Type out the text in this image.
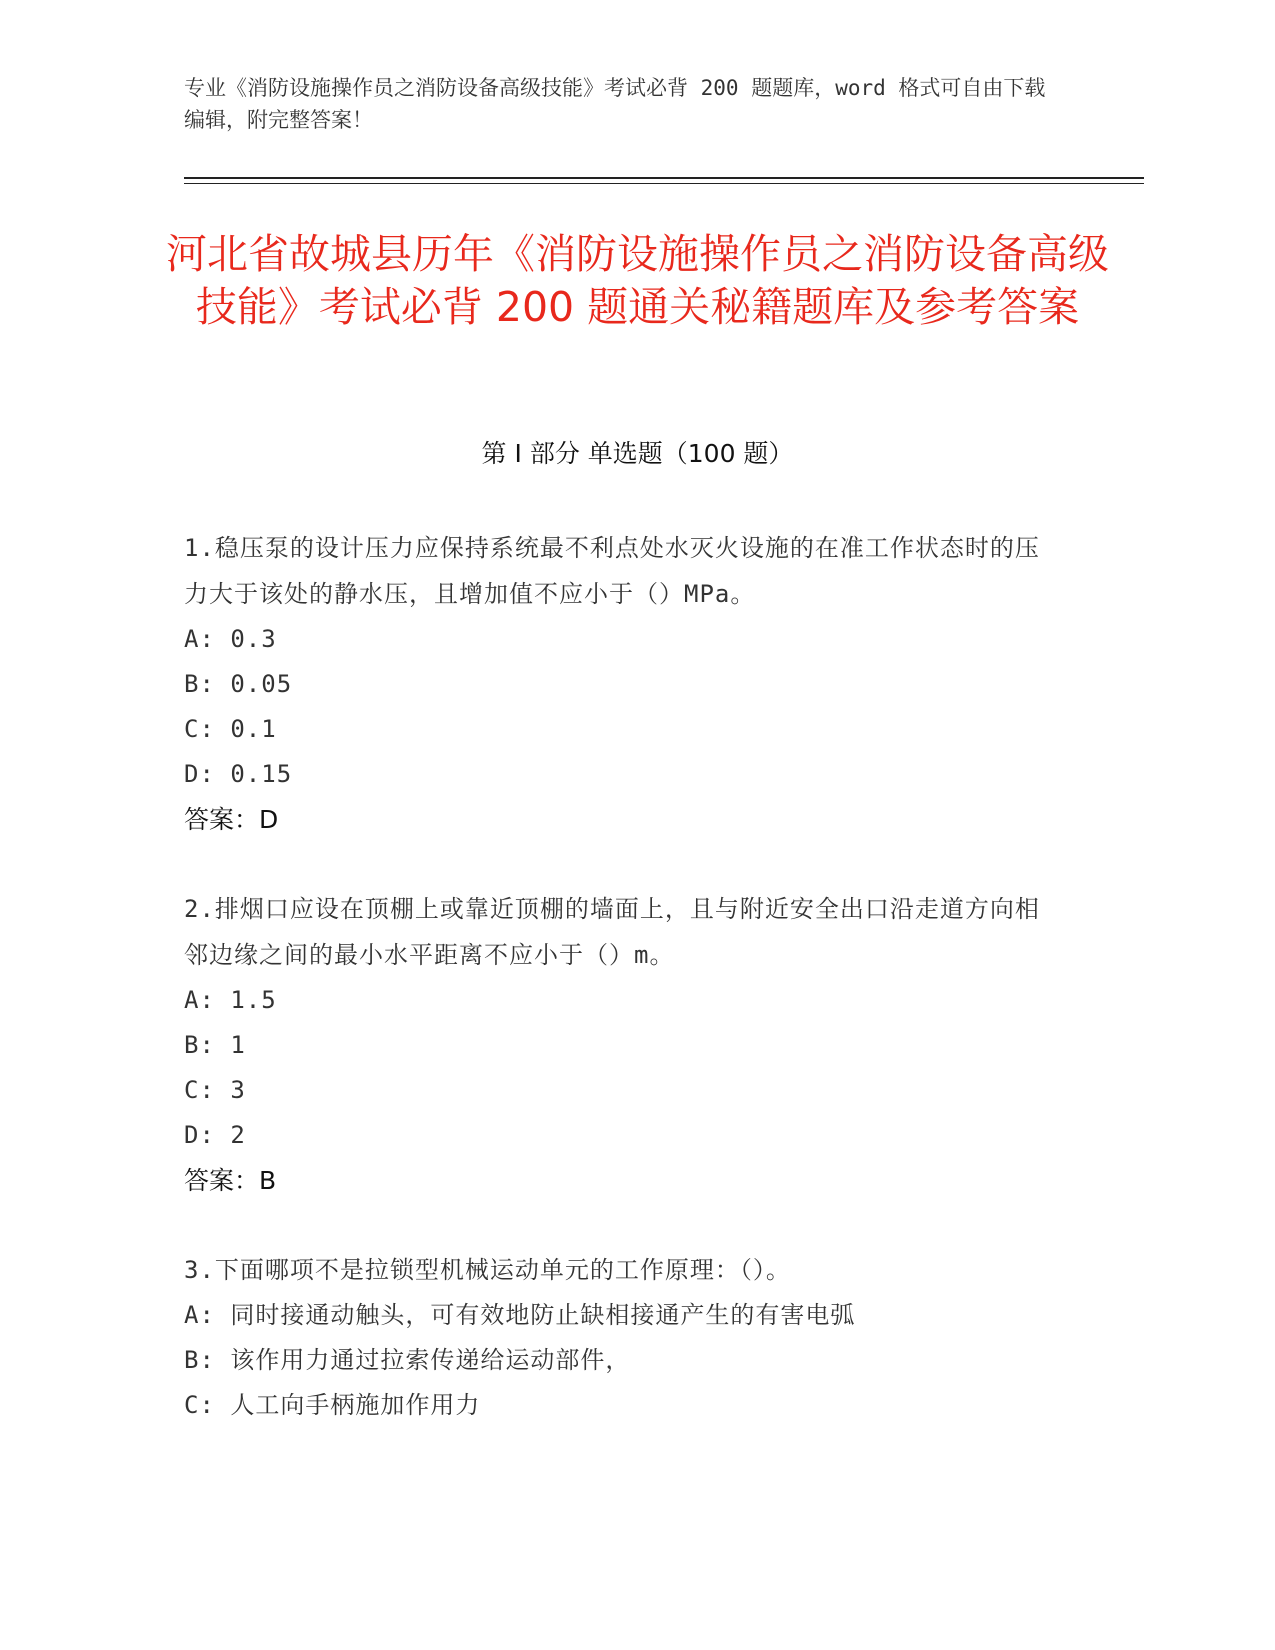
专业《消防设施操作员之消防设备高级技能》考试必背 200 题题库，word 格式可自由下载编辑，附完整答案！
河北省故城县历年《消防设施操作员之消防设备高级技能》考试必背 200 题通关秘籍题库及参考答案
第 I 部分 单选题（100 题）

1.稳压泵的设计压力应保持系统最不利点处水灭火设施的在准工作状态时的压力大于该处的静水压，且增加值不应小于（）MPa。

A: 0.3

B: 0.05

C: 0.1

D: 0.15

答案：D

2.排烟口应设在顶棚上或靠近顶棚的墙面上，且与附近安全出口沿走道方向相邻边缘之间的最小水平距离不应小于（）m。

A: 1.5

B: 1

C: 3

D: 2

答案：B

3.下面哪项不是拉锁型机械运动单元的工作原理：（）。

A: 同时接通动触头，可有效地防止缺相接通产生的有害电弧

B: 该作用力通过拉索传递给运动部件，

C: 人工向手柄施加作用力
